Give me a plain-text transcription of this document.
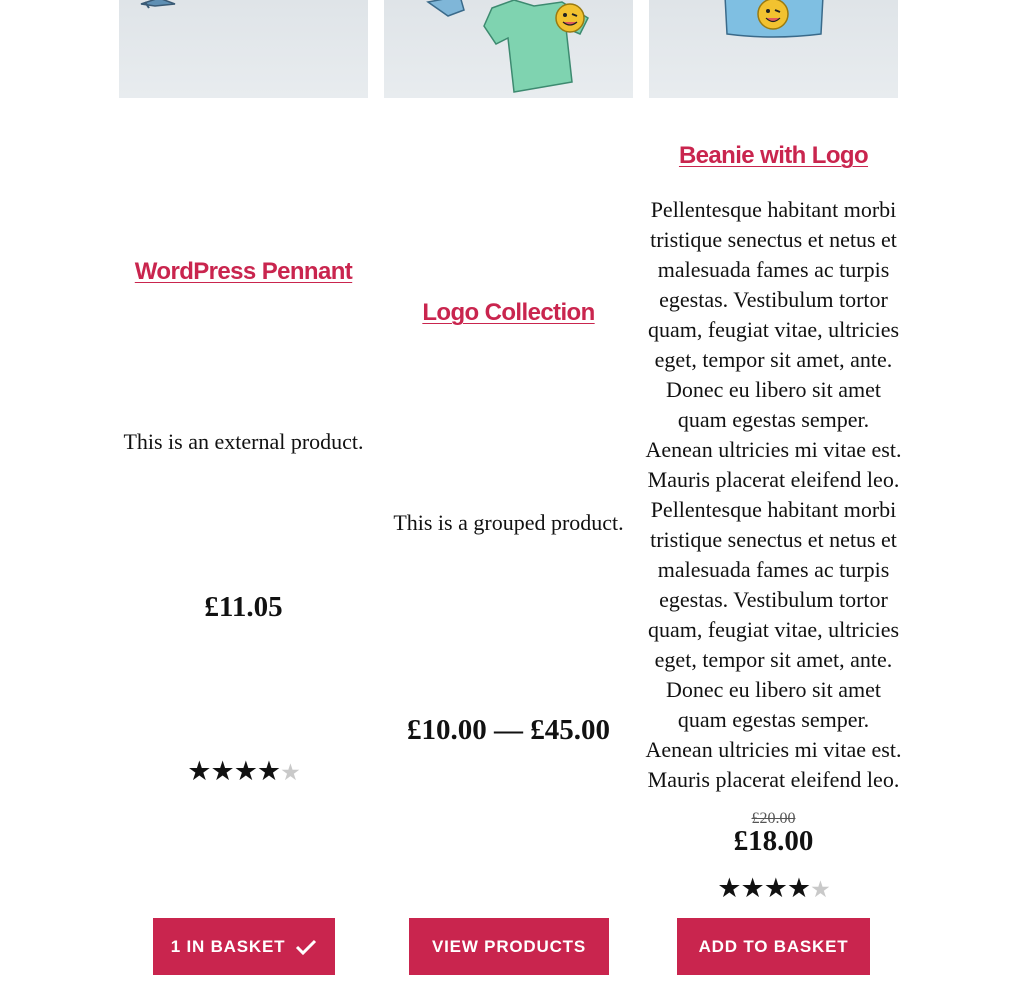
WordPress Pennant
This is an external product.
£11.05
★★★★★
1 IN BASKET
Logo Collection
This is a grouped product.
£10.00 — £45.00
VIEW PRODUCTS
Beanie with Logo
Pellentesque habitant morbi tristique senectus et netus et malesuada fames ac turpis egestas. Vestibulum tortor quam, feugiat vitae, ultricies eget, tempor sit amet, ante. Donec eu libero sit amet quam egestas semper. Aenean ultricies mi vitae est. Mauris placerat eleifend leo. Pellentesque habitant morbi tristique senectus et netus et malesuada fames ac turpis egestas. Vestibulum tortor quam, feugiat vitae, ultricies eget, tempor sit amet, ante. Donec eu libero sit amet quam egestas semper. Aenean ultricies mi vitae est. Mauris placerat eleifend leo.
£20.00
£18.00
★★★★★
ADD TO BASKET
